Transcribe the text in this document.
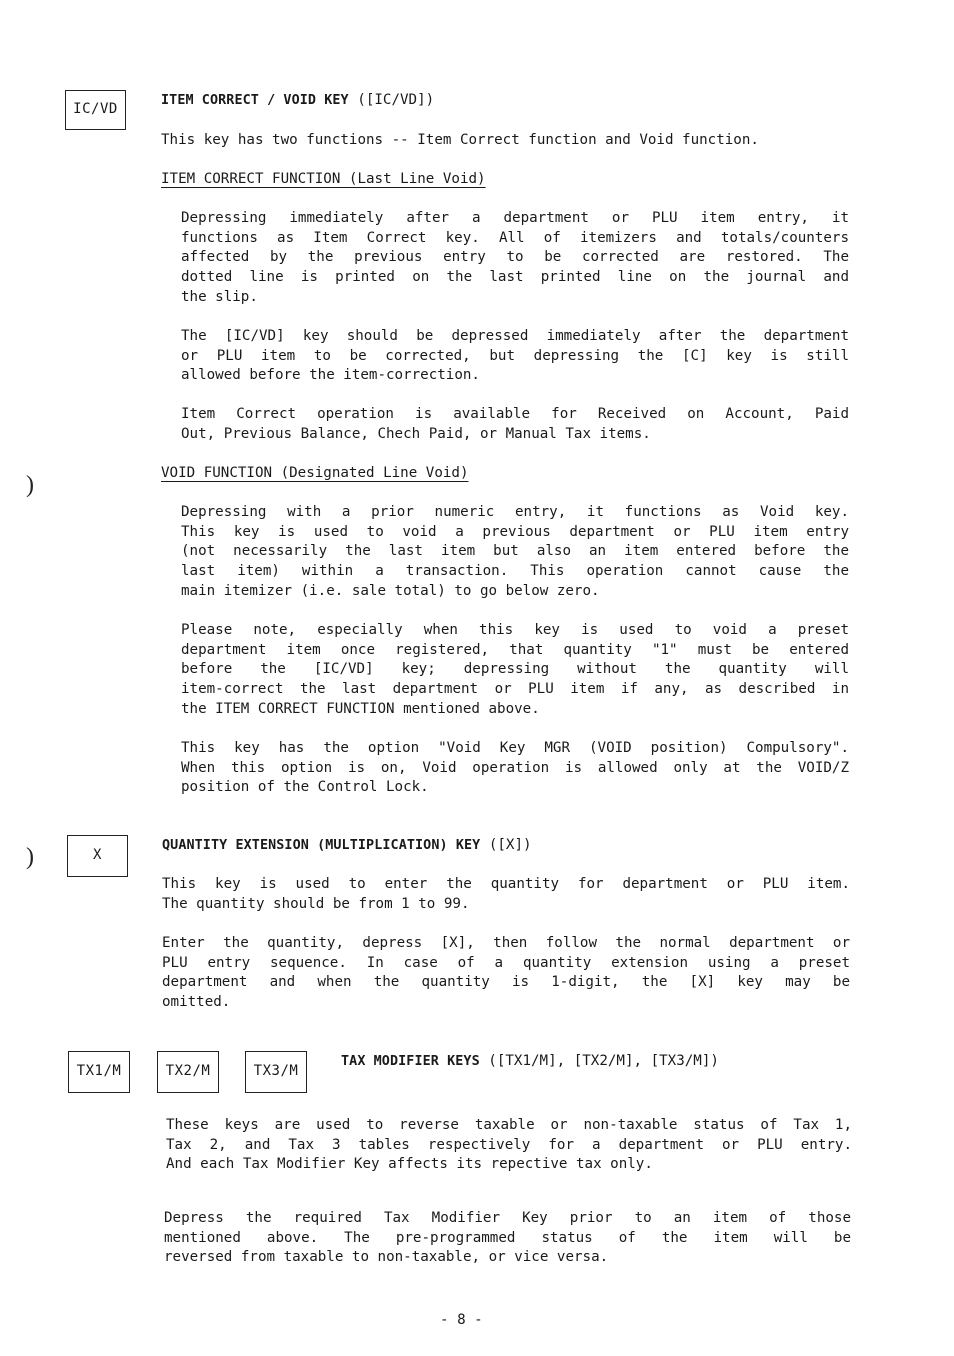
IC/VD
X
TX1/M	TX2/M	TX3/M
)
)
ITEM CORRECT / VOID KEY ([IC/VD])
This key has two functions -- Item Correct function and Void function.
ITEM CORRECT FUNCTION (Last Line Void)
Depressing immediately after a department or PLU item entry, it
functions as Item Correct key. All of itemizers and totals/counters
affected by the previous entry to be corrected are restored. The
dotted line is printed on the last printed line on the journal and
the slip.
The [IC/VD] key should be depressed immediately after the department
or PLU item to be corrected, but depressing the [C] key is still
allowed before the item-correction.
Item Correct operation is available for Received on Account, Paid
Out, Previous Balance, Chech Paid, or Manual Tax items.
VOID FUNCTION (Designated Line Void)
Depressing with a prior numeric entry, it functions as Void key.
This key is used to void a previous department or PLU item entry
(not necessarily the last item but also an item entered before the
last item) within a transaction. This operation cannot cause the
main itemizer (i.e. sale total) to go below zero.
Please note, especially when this key is used to void a preset
department item once registered, that quantity "1" must be entered
before the [IC/VD] key; depressing without the quantity will
item-correct the last department or PLU item if any, as described in
the ITEM CORRECT FUNCTION mentioned above.
This key has the option "Void Key MGR (VOID position) Compulsory".
When this option is on, Void operation is allowed only at the VOID/Z
position of the Control Lock.
QUANTITY EXTENSION (MULTIPLICATION) KEY ([X])
This key is used to enter the quantity for department or PLU item.
The quantity should be from 1 to 99.
Enter the quantity, depress [X], then follow the normal department or
PLU entry sequence. In case of a quantity extension using a preset
department and when the quantity is 1-digit, the [X] key may be
omitted.
TAX MODIFIER KEYS ([TX1/M], [TX2/M], [TX3/M])
These keys are used to reverse taxable or non-taxable status of Tax 1,
Tax 2, and Tax 3 tables respectively for a department or PLU entry.
And each Tax Modifier Key affects its repective tax only.
Depress the required Tax Modifier Key prior to an item of those
mentioned above. The pre-programmed status of the item will be
reversed from taxable to non-taxable, or vice versa.
- 8 -
